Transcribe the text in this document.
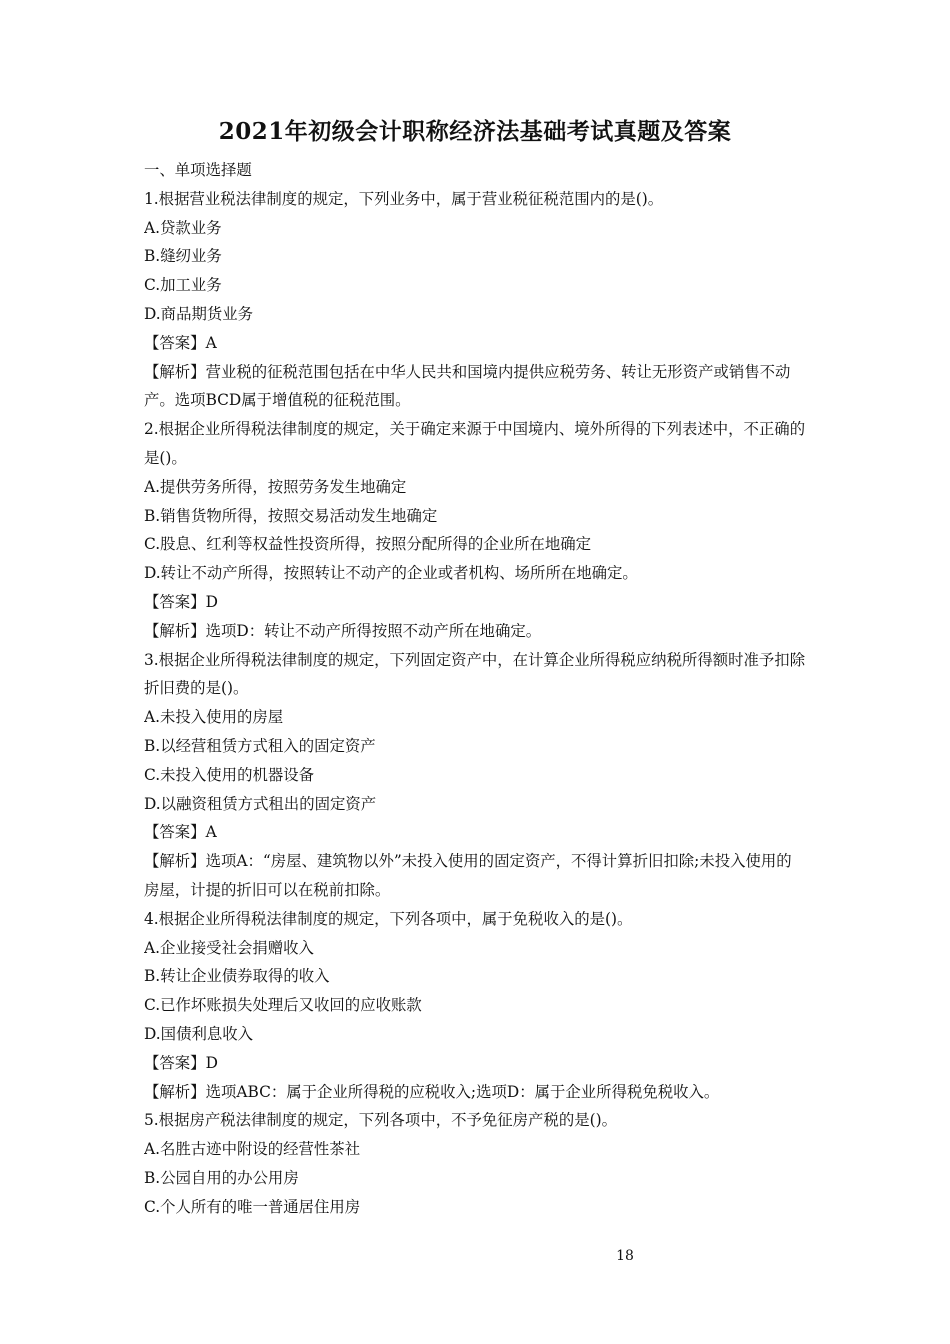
2021年初级会计职称经济法基础考试真题及答案
一、单项选择题
1.根据营业税法律制度的规定，下列业务中，属于营业税征税范围内的是()。
A.贷款业务
B.缝纫业务
C.加工业务
D.商品期货业务
【答案】A
【解析】营业税的征税范围包括在中华人民共和国境内提供应税劳务、转让无形资产或销售不动产。选项BCD属于增值税的征税范围。
2.根据企业所得税法律制度的规定，关于确定来源于中国境内、境外所得的下列表述中，不正确的是()。
A.提供劳务所得，按照劳务发生地确定
B.销售货物所得，按照交易活动发生地确定
C.股息、红利等权益性投资所得，按照分配所得的企业所在地确定
D.转让不动产所得，按照转让不动产的企业或者机构、场所所在地确定。
【答案】D
【解析】选项D：转让不动产所得按照不动产所在地确定。
3.根据企业所得税法律制度的规定，下列固定资产中，在计算企业所得税应纳税所得额时准予扣除折旧费的是()。
A.未投入使用的房屋
B.以经营租赁方式租入的固定资产
C.未投入使用的机器设备
D.以融资租赁方式租出的固定资产
【答案】A
【解析】选项A：“房屋、建筑物以外”未投入使用的固定资产，不得计算折旧扣除;未投入使用的房屋，计提的折旧可以在税前扣除。
4.根据企业所得税法律制度的规定，下列各项中，属于免税收入的是()。
A.企业接受社会捐赠收入
B.转让企业债券取得的收入
C.已作坏账损失处理后又收回的应收账款
D.国债利息收入
【答案】D
【解析】选项ABC：属于企业所得税的应税收入;选项D：属于企业所得税免税收入。
5.根据房产税法律制度的规定，下列各项中，不予免征房产税的是()。
A.名胜古迹中附设的经营性茶社
B.公园自用的办公用房
C.个人所有的唯一普通居住用房
18
